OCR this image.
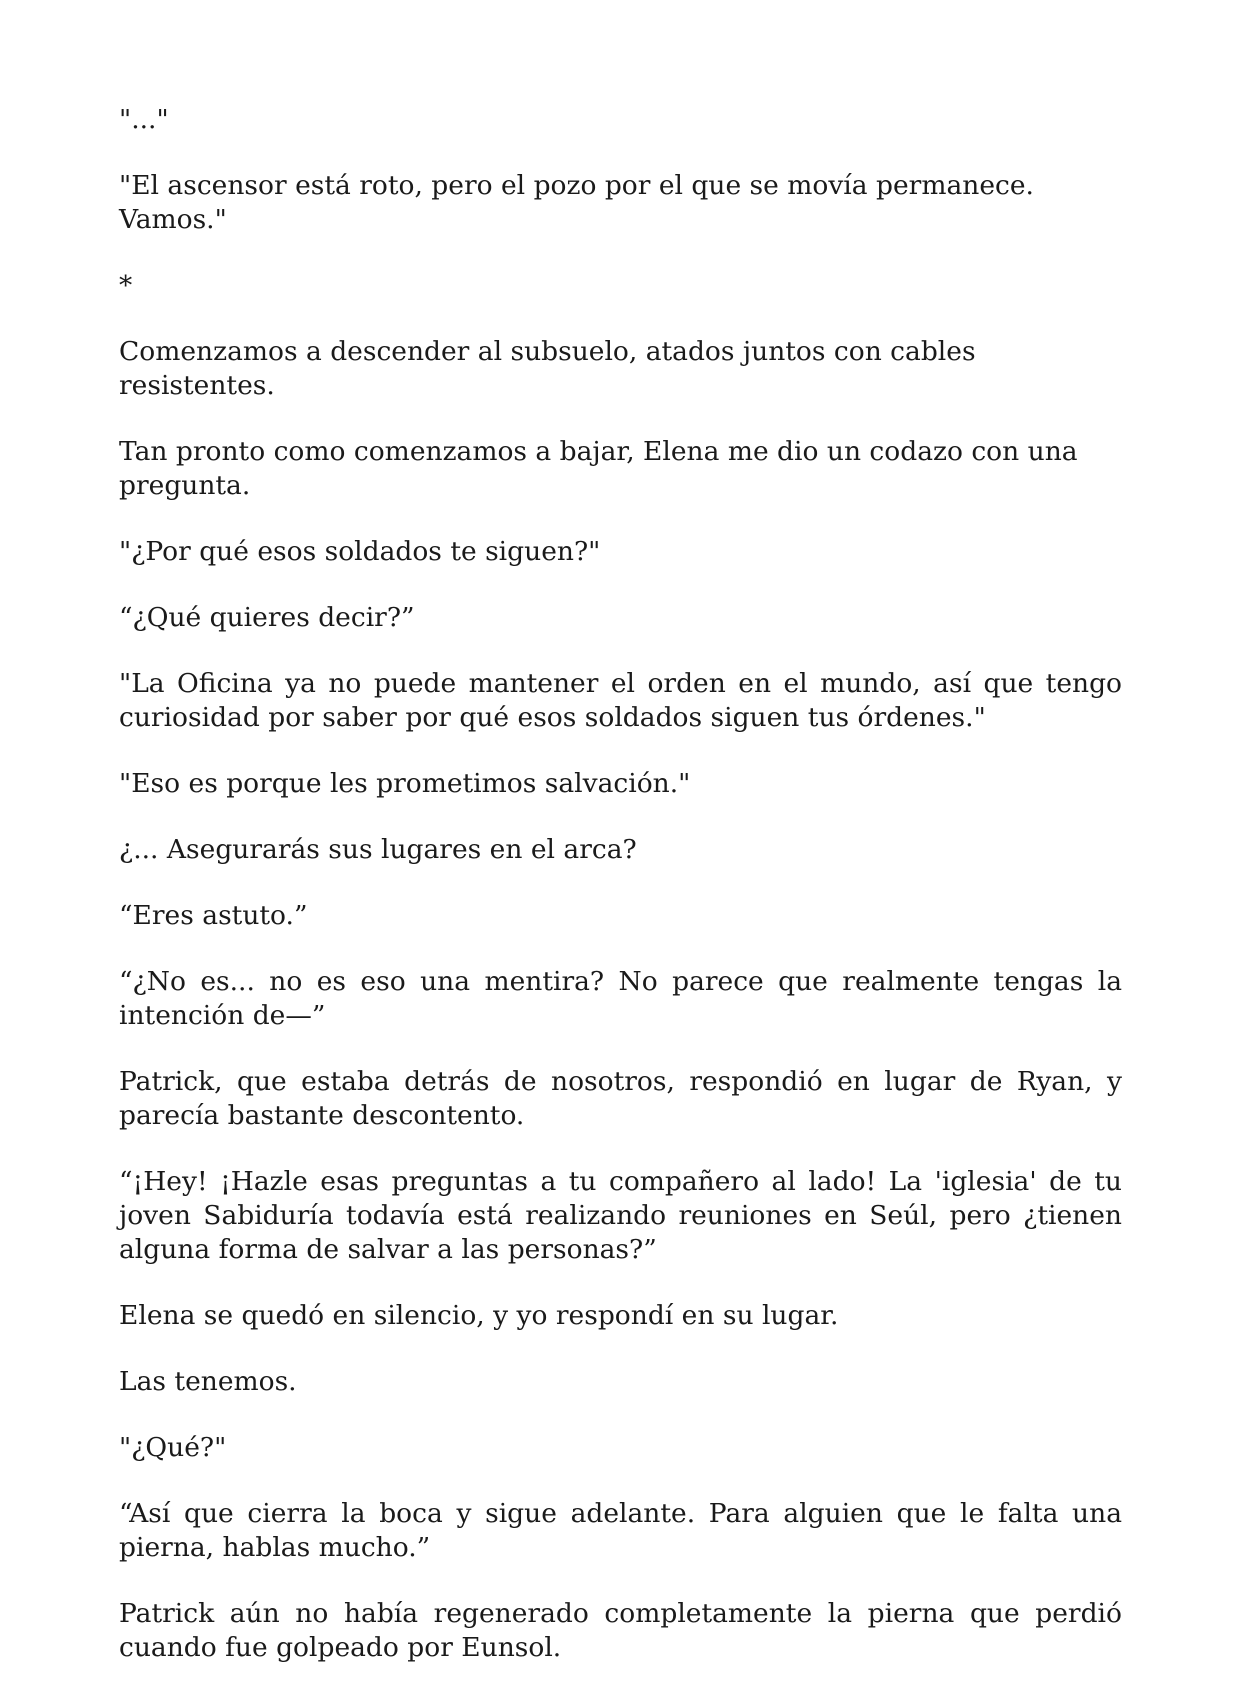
"..."

"El ascensor está roto, pero el pozo por el que se movía permanece. Vamos."

*

Comenzamos a descender al subsuelo, atados juntos con cables resistentes.

Tan pronto como comenzamos a bajar, Elena me dio un codazo con una pregunta.

"¿Por qué esos soldados te siguen?"

“¿Qué quieres decir?”

"La Oficina ya no puede mantener el orden en el mundo, así que tengo curiosidad por saber por qué esos soldados siguen tus órdenes."

"Eso es porque les prometimos salvación."

¿... Asegurarás sus lugares en el arca?

“Eres astuto.”

“¿No es... no es eso una mentira? No parece que realmente tengas la intención de—”

Patrick, que estaba detrás de nosotros, respondió en lugar de Ryan, y parecía bastante descontento.

“¡Hey! ¡Hazle esas preguntas a tu compañero al lado! La 'iglesia' de tu joven Sabiduría todavía está realizando reuniones en Seúl, pero ¿tienen alguna forma de salvar a las personas?”

Elena se quedó en silencio, y yo respondí en su lugar.

Las tenemos.

"¿Qué?"

“Así que cierra la boca y sigue adelante. Para alguien que le falta una pierna, hablas mucho.”

Patrick aún no había regenerado completamente la pierna que perdió cuando fue golpeado por Eunsol.
